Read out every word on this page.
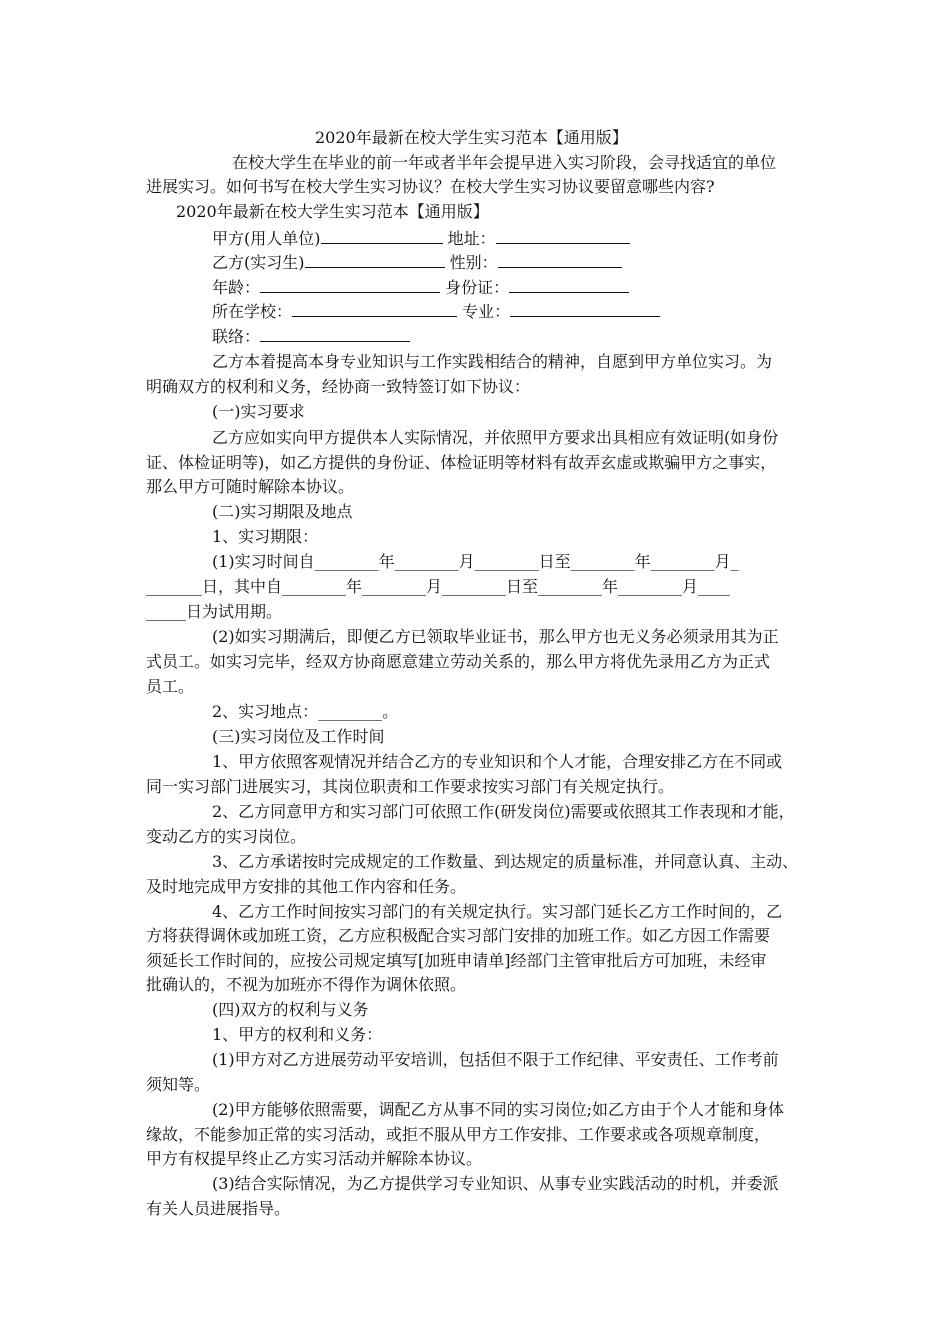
2020年最新在校大学生实习范本【通用版】
在校大学生在毕业的前一年或者半年会提早进入实习阶段，会寻找适宜的单位
进展实习。如何书写在校大学生实习协议？在校大学生实习协议要留意哪些内容?
2020年最新在校大学生实习范本【通用版】
甲方(用人单位)	地址：
乙方(实习生)	性别：
年龄：	身份证：
所在学校：	专业：
联络：
乙方本着提高本身专业知识与工作实践相结合的精神，自愿到甲方单位实习。为
明确双方的权利和义务，经协商一致特签订如下协议：
(一)实习要求
乙方应如实向甲方提供本人实际情况，并依照甲方要求出具相应有效证明(如身份
证、体检证明等)，如乙方提供的身份证、体检证明等材料有故弄玄虚或欺骗甲方之事实，
那么甲方可随时解除本协议。
(二)实习期限及地点
1、实习期限：
(1)实习时间自________年________月________日至________年________月_
_______日，其中自________年________月________日至________年________月____
_____日为试用期。
(2)如实习期满后，即便乙方已领取毕业证书，那么甲方也无义务必须录用其为正
式员工。如实习完毕，经双方协商愿意建立劳动关系的，那么甲方将优先录用乙方为正式
员工。
2、实习地点：________。
(三)实习岗位及工作时间
1、甲方依照客观情况并结合乙方的专业知识和个人才能，合理安排乙方在不同或
同一实习部门进展实习，其岗位职责和工作要求按实习部门有关规定执行。
2、乙方同意甲方和实习部门可依照工作(研发岗位)需要或依照其工作表现和才能，
变动乙方的实习岗位。
3、乙方承诺按时完成规定的工作数量、到达规定的质量标准，并同意认真、主动、
及时地完成甲方安排的其他工作内容和任务。
4、乙方工作时间按实习部门的有关规定执行。实习部门延长乙方工作时间的，乙
方将获得调休或加班工资，乙方应积极配合实习部门安排的加班工作。如乙方因工作需要
须延长工作时间的，应按公司规定填写[加班申请单]经部门主管审批后方可加班，未经审
批确认的，不视为加班亦不得作为调休依照。
(四)双方的权利与义务
1、甲方的权利和义务：
(1)甲方对乙方进展劳动平安培训，包括但不限于工作纪律、平安责任、工作考前
须知等。
(2)甲方能够依照需要，调配乙方从事不同的实习岗位;如乙方由于个人才能和身体
缘故，不能参加正常的实习活动，或拒不服从甲方工作安排、工作要求或各项规章制度，
甲方有权提早终止乙方实习活动并解除本协议。
(3)结合实际情况，为乙方提供学习专业知识、从事专业实践活动的时机，并委派
有关人员进展指导。
